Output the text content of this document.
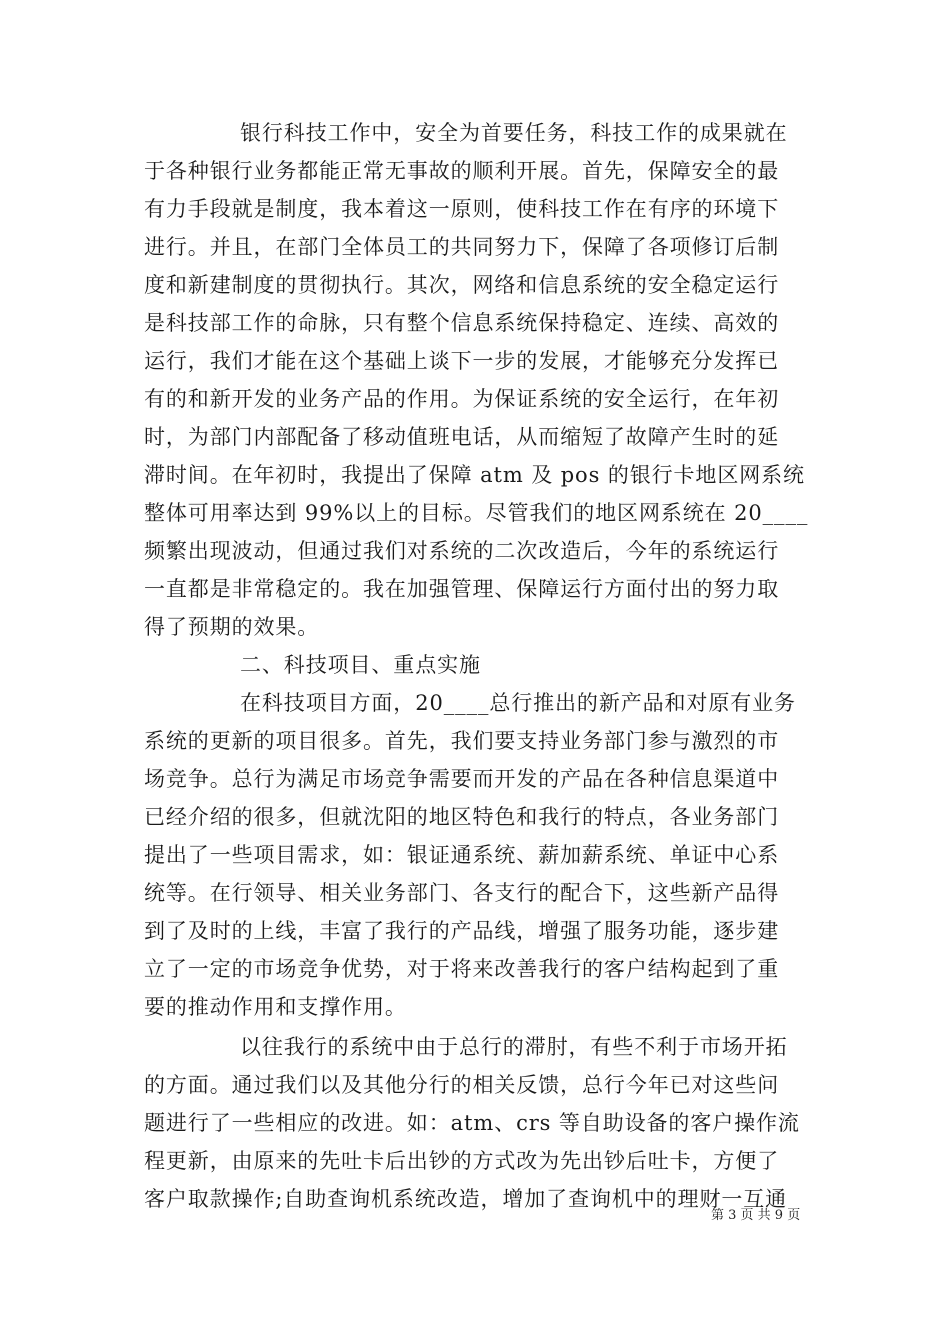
银行科技工作中，安全为首要任务，科技工作的成果就在
于各种银行业务都能正常无事故的顺利开展。首先，保障安全的最
有力手段就是制度，我本着这一原则，使科技工作在有序的环境下
进行。并且，在部门全体员工的共同努力下，保障了各项修订后制
度和新建制度的贯彻执行。其次，网络和信息系统的安全稳定运行
是科技部工作的命脉，只有整个信息系统保持稳定、连续、高效的
运行，我们才能在这个基础上谈下一步的发展，才能够充分发挥已
有的和新开发的业务产品的作用。为保证系统的安全运行，在年初
时，为部门内部配备了移动值班电话，从而缩短了故障产生时的延
滞时间。在年初时，我提出了保障 atm 及 pos 的银行卡地区网系统
整体可用率达到 99%以上的目标。尽管我们的地区网系统在 20____
频繁出现波动，但通过我们对系统的二次改造后，今年的系统运行
一直都是非常稳定的。我在加强管理、保障运行方面付出的努力取
得了预期的效果。
二、科技项目、重点实施
在科技项目方面，20____总行推出的新产品和对原有业务
系统的更新的项目很多。首先，我们要支持业务部门参与激烈的市
场竞争。总行为满足市场竞争需要而开发的产品在各种信息渠道中
已经介绍的很多，但就沈阳的地区特色和我行的特点，各业务部门
提出了一些项目需求，如：银证通系统、薪加薪系统、单证中心系
统等。在行领导、相关业务部门、各支行的配合下，这些新产品得
到了及时的上线，丰富了我行的产品线，增强了服务功能，逐步建
立了一定的市场竞争优势，对于将来改善我行的客户结构起到了重
要的推动作用和支撑作用。
以往我行的系统中由于总行的滞肘，有些不利于市场开拓
的方面。通过我们以及其他分行的相关反馈，总行今年已对这些问
题进行了一些相应的改进。如：atm、crs 等自助设备的客户操作流
程更新，由原来的先吐卡后出钞的方式改为先出钞后吐卡，方便了
客户取款操作;自助查询机系统改造，增加了查询机中的理财一互通
第 3 页 共 9 页
